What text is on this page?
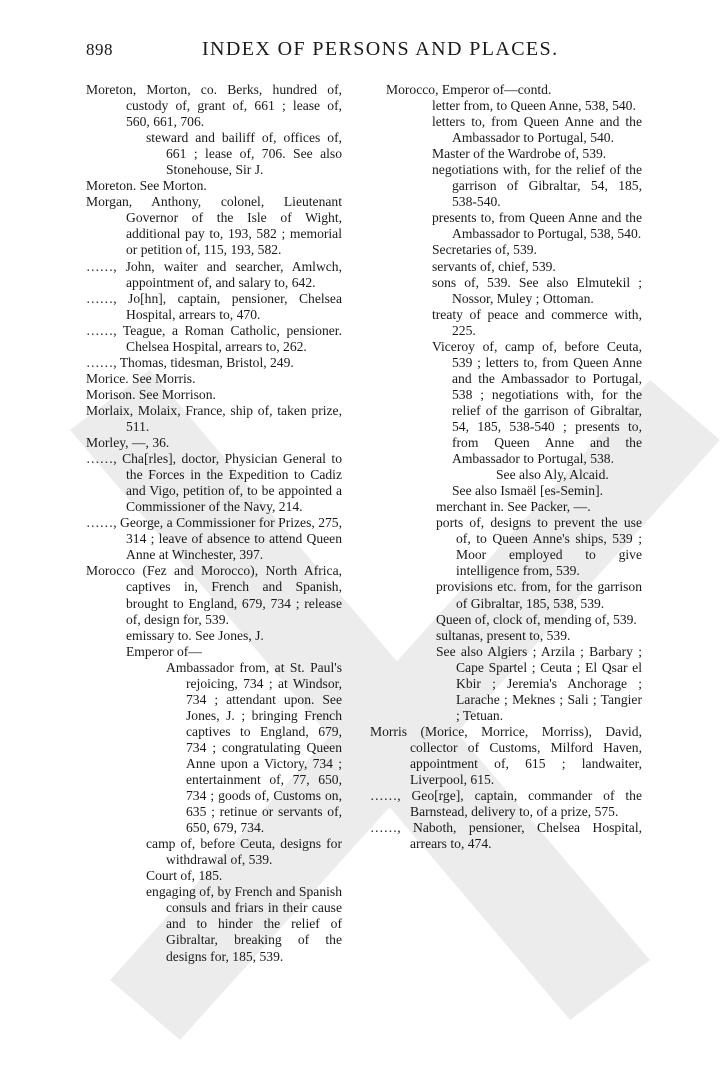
898	INDEX OF PERSONS AND PLACES.
Moreton, Morton, co. Berks, hundred of, custody of, grant of, 661 ; lease of, 560, 661, 706.
steward and bailiff of, offices of, 661 ; lease of, 706. See also Stonehouse, Sir J.
Moreton. See Morton.
Morgan, Anthony, colonel, Lieutenant Governor of the Isle of Wight, additional pay to, 193, 582 ; memorial or petition of, 115, 193, 582.
……, John, waiter and searcher, Amlwch, appointment of, and salary to, 642.
……, Jo[hn], captain, pensioner, Chelsea Hospital, arrears to, 470.
……, Teague, a Roman Catholic, pensioner. Chelsea Hospital, arrears to, 262.
……, Thomas, tidesman, Bristol, 249.
Morice. See Morris.
Morison. See Morrison.
Morlaix, Molaix, France, ship of, taken prize, 511.
Morley, —, 36.
……, Cha[rles], doctor, Physician General to the Forces in the Expedition to Cadiz and Vigo, petition of, to be appointed a Commissioner of the Navy, 214.
……, George, a Commissioner for Prizes, 275, 314 ; leave of absence to attend Queen Anne at Winchester, 397.
Morocco (Fez and Morocco), North Africa, captives in, French and Spanish, brought to England, 679, 734 ; release of, design for, 539.
emissary to. See Jones, J.
Emperor of—
Ambassador from, at St. Paul's rejoicing, 734 ; at Windsor, 734 ; attendant upon. See Jones, J. ; bringing French captives to England, 679, 734 ; congratulating Queen Anne upon a Victory, 734 ; entertainment of, 77, 650, 734 ; goods of, Customs on, 635 ; retinue or servants of, 650, 679, 734.
camp of, before Ceuta, designs for withdrawal of, 539.
Court of, 185.
engaging of, by French and Spanish consuls and friars in their cause and to hinder the relief of Gibraltar, breaking of the designs for, 185, 539.
Morocco, Emperor of—contd.
letter from, to Queen Anne, 538, 540.
letters to, from Queen Anne and the Ambassador to Portugal, 540.
Master of the Wardrobe of, 539.
negotiations with, for the relief of the garrison of Gibraltar, 54, 185, 538-540.
presents to, from Queen Anne and the Ambassador to Portugal, 538, 540.
Secretaries of, 539.
servants of, chief, 539.
sons of, 539. See also Elmutekil ; Nossor, Muley ; Ottoman.
treaty of peace and commerce with, 225.
Viceroy of, camp of, before Ceuta, 539 ; letters to, from Queen Anne and the Ambassador to Portugal, 538 ; negotiations with, for the relief of the garrison of Gibraltar, 54, 185, 538-540 ; presents to, from Queen Anne and the Ambassador to Portugal, 538.
See also Aly, Alcaid.
See also Ismaël [es-Semin].
merchant in. See Packer, —.
ports of, designs to prevent the use of, to Queen Anne's ships, 539 ; Moor employed to give intelligence from, 539.
provisions etc. from, for the garrison of Gibraltar, 185, 538, 539.
Queen of, clock of, mending of, 539.
sultanas, present to, 539.
See also Algiers ; Arzila ; Barbary ; Cape Spartel ; Ceuta ; El Qsar el Kbir ; Jeremia's Anchorage ; Larache ; Meknes ; Sali ; Tangier ; Tetuan.
Morris (Morice, Morrice, Morriss), David, collector of Customs, Milford Haven, appointment of, 615 ; landwaiter, Liverpool, 615.
……, Geo[rge], captain, commander of the Barnstead, delivery to, of a prize, 575.
……, Naboth, pensioner, Chelsea Hospital, arrears to, 474.
